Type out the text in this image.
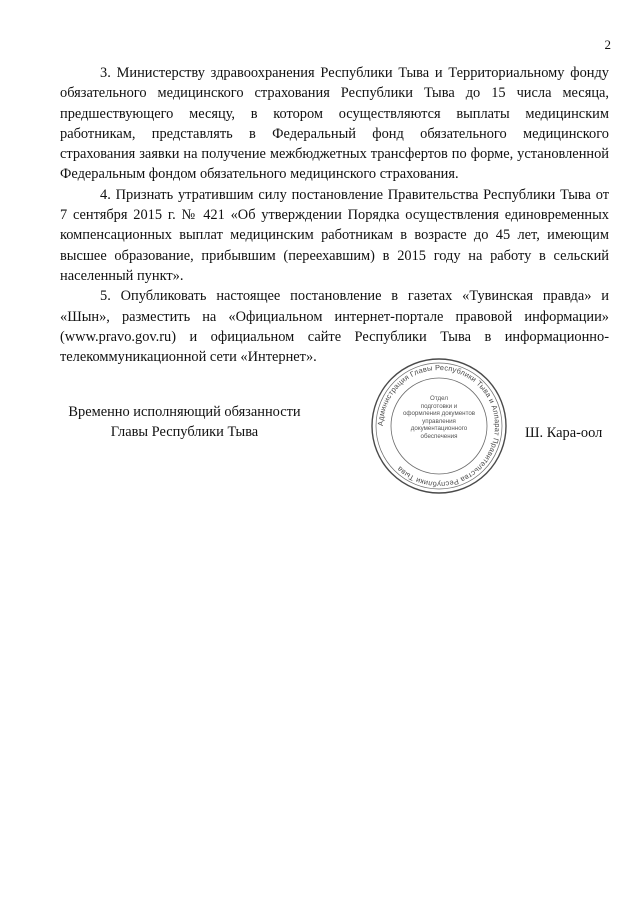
2

3. Министерству здравоохранения Республики Тыва и Территориальному фонду обязательного медицинского страхования Республики Тыва до 15 числа месяца, предшествующего месяцу, в котором осуществляются выплаты медицинским работникам, представлять в Федеральный фонд обязательного медицинского страхования заявки на получение межбюджетных трансфертов по форме, установленной Федеральным фондом обязательного медицинского страхования.

4. Признать утратившим силу постановление Правительства Республики Тыва от 7 сентября 2015 г. № 421 «Об утверждении Порядка осуществления единовременных компенсационных выплат медицинским работникам в возрасте до 45 лет, имеющим высшее образование, прибывшим (переехавшим) в 2015 году на работу в сельский населенный пункт».

5. Опубликовать настоящее постановление в газетах «Тувинская правда» и «Шын», разместить на «Официальном интернет-портале правовой информации» (www.pravo.gov.ru) и официальном сайте Республики Тыва в информационно-телекоммуникационной сети «Интернет».

Временно исполняющий обязанности
Главы Республики Тыва
Администрация Главы Республики Тыва и Аппарат Правительства Республики Тыва
Отдел
подготовки и
оформления документов
управления
документационного
обеспечения	Ш. Кара-оол
